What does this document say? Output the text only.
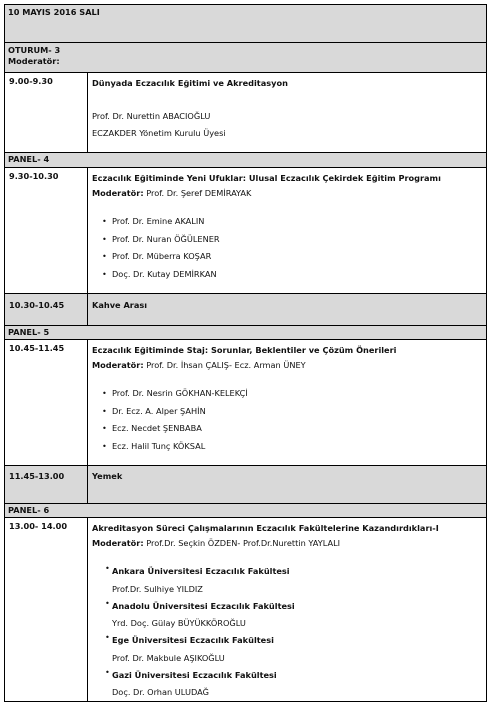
10 MAYIS 2016 SALI
OTURUM- 3
Moderatör:
9.00-9.30	Dünyada Eczacılık Eğitimi ve Akreditasyon
Prof. Dr. Nurettin ABACIOĞLU
ECZAKDER Yönetim Kurulu Üyesi
PANEL- 4
9.30-10.30	Eczacılık Eğitiminde Yeni Ufuklar: Ulusal Eczacılık Çekirdek Eğitim Programı
Moderatör: Prof. Dr. Şeref DEMİRAYAK
• Prof. Dr. Emine AKALIN
• Prof. Dr. Nuran ÖĞÜLENER
• Prof. Dr. Müberra KOŞAR
• Doç. Dr. Kutay DEMİRKAN
10.30-10.45	Kahve Arası
PANEL- 5
10.45-11.45	Eczacılık Eğitiminde Staj: Sorunlar, Beklentiler ve Çözüm Önerileri
Moderatör: Prof. Dr. İhsan ÇALIŞ- Ecz. Arman ÜNEY
• Prof. Dr. Nesrin GÖKHAN-KELEKÇİ
• Dr. Ecz. A. Alper ŞAHİN
• Ecz. Necdet ŞENBABA
• Ecz. Halil Tunç KÖKSAL
11.45-13.00	Yemek
PANEL- 6
13.00- 14.00	Akreditasyon Süreci Çalışmalarının Eczacılık Fakültelerine Kazandırdıkları-I
Moderatör: Prof.Dr. Seçkin ÖZDEN- Prof.Dr.Nurettin YAYLALI
• Ankara Üniversitesi Eczacılık Fakültesi
Prof.Dr. Sulhiye YILDIZ
• Anadolu Üniversitesi Eczacılık Fakültesi
Yrd. Doç. Gülay BÜYÜKKÖROĞLU
• Ege Üniversitesi Eczacılık Fakültesi
Prof. Dr. Makbule AŞIKOĞLU
• Gazi Üniversitesi Eczacılık Fakültesi
Doç. Dr. Orhan ULUDAĞ
